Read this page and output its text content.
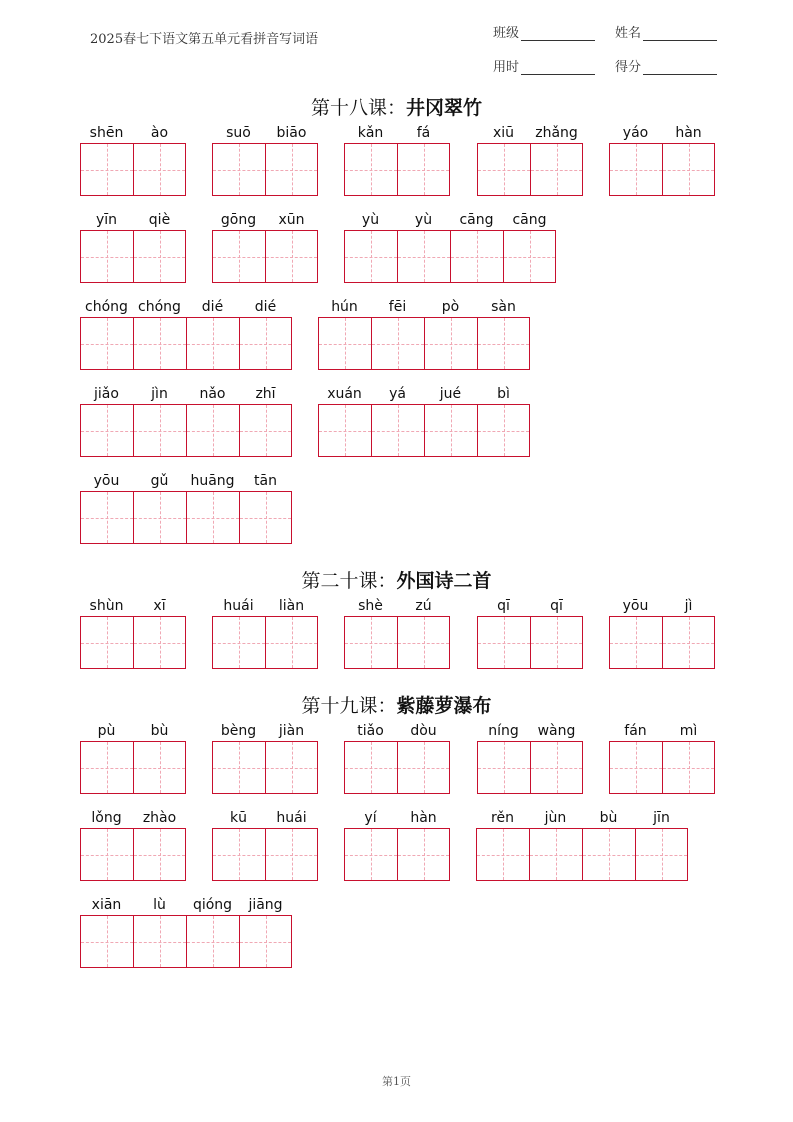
2025春七下语文第五单元看拼音写词语	班级	姓名
用时	得分
第十八课：井冈翠竹
shēn	ào	suō	biāo	kǎn	fá	xiū	zhǎng	yáo	hàn
yīn	qiè	gōng	xūn	yù	yù	cāng	cāng
chóng chóng	dié	dié	hún	fēi	pò	sàn
jiǎo	jìn	nǎo	zhī	xuán	yá	jué	bì
yōu	gǔ	huāng	tān
第二十课：外国诗二首
shùn	xī	huái	liàn	shè	zú	qī	qī	yōu	jì
第十九课：紫藤萝瀑布
pù	bù	bèng	jiàn	tiǎo	dòu	níng	wàng	fán	mì
lǒng	zhào	kū	huái	yí	hàn	rěn	jùn	bù	jīn
xiān	lù	qióng	jiāng
第1页
